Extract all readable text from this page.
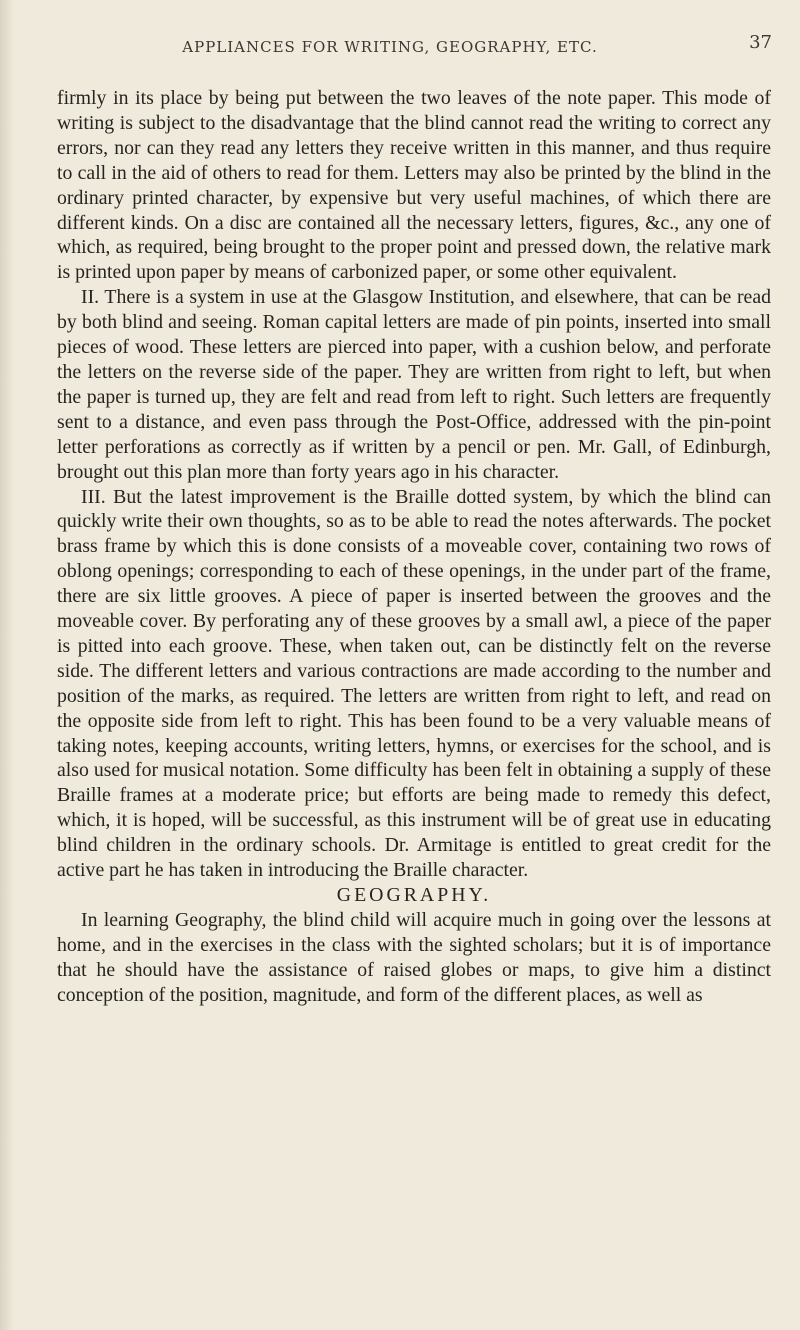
APPLIANCES FOR WRITING, GEOGRAPHY, ETC.	37

firmly in its place by being put between the two leaves of the note paper. This mode of writing is subject to the disadvantage that the blind cannot read the writing to correct any errors, nor can they read any letters they receive written in this manner, and thus require to call in the aid of others to read for them. Letters may also be printed by the blind in the ordinary printed character, by expensive but very useful machines, of which there are different kinds. On a disc are contained all the necessary letters, figures, &c., any one of which, as required, being brought to the proper point and pressed down, the relative mark is printed upon paper by means of carbonized paper, or some other equivalent.

II. There is a system in use at the Glasgow Institution, and elsewhere, that can be read by both blind and seeing. Roman capital letters are made of pin points, inserted into small pieces of wood. These letters are pierced into paper, with a cushion below, and perforate the letters on the reverse side of the paper. They are written from right to left, but when the paper is turned up, they are felt and read from left to right. Such letters are frequently sent to a distance, and even pass through the Post-Office, addressed with the pin-point letter perforations as correctly as if written by a pencil or pen. Mr. Gall, of Edinburgh, brought out this plan more than forty years ago in his character.

III. But the latest improvement is the Braille dotted system, by which the blind can quickly write their own thoughts, so as to be able to read the notes afterwards. The pocket brass frame by which this is done consists of a moveable cover, containing two rows of oblong openings; corresponding to each of these openings, in the under part of the frame, there are six little grooves. A piece of paper is inserted between the grooves and the moveable cover. By perforating any of these grooves by a small awl, a piece of the paper is pitted into each groove. These, when taken out, can be distinctly felt on the reverse side. The different letters and various contractions are made according to the number and position of the marks, as required. The letters are written from right to left, and read on the opposite side from left to right. This has been found to be a very valuable means of taking notes, keeping accounts, writing letters, hymns, or exercises for the school, and is also used for musical notation. Some difficulty has been felt in obtaining a supply of these Braille frames at a moderate price; but efforts are being made to remedy this defect, which, it is hoped, will be successful, as this instrument will be of great use in educating blind children in the ordinary schools. Dr. Armitage is entitled to great credit for the active part he has taken in introducing the Braille character.

GEOGRAPHY.

In learning Geography, the blind child will acquire much in going over the lessons at home, and in the exercises in the class with the sighted scholars; but it is of importance that he should have the assistance of raised globes or maps, to give him a distinct conception of the position, magnitude, and form of the different places, as well as
